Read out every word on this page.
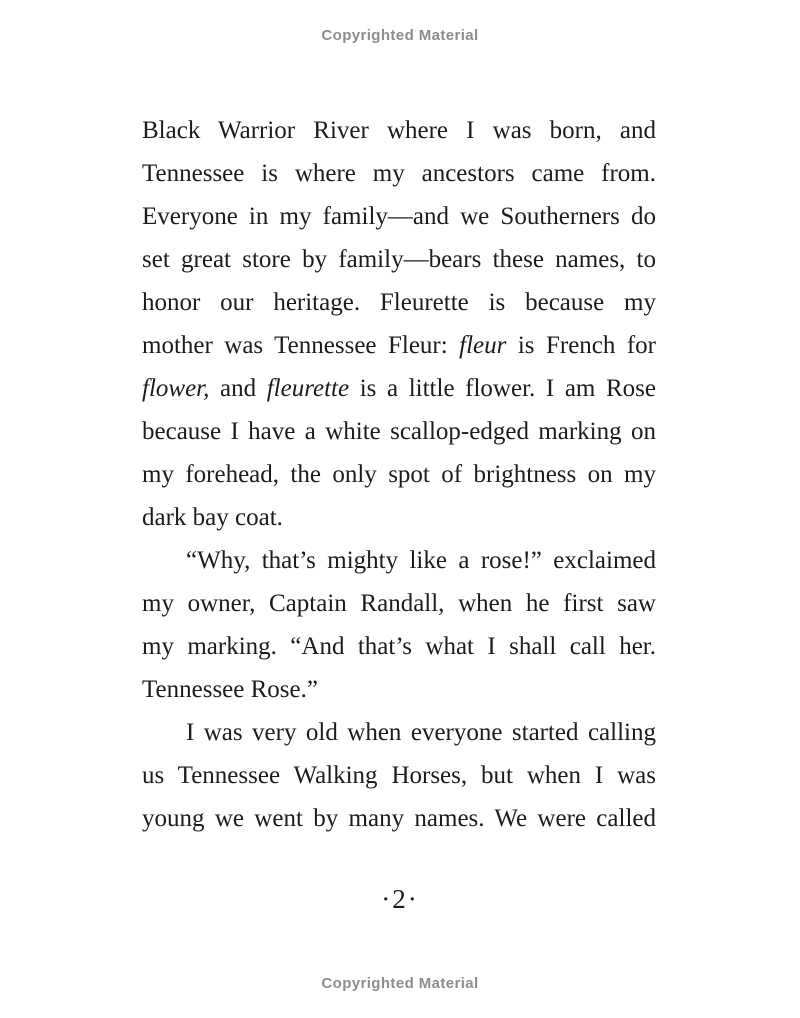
Copyrighted Material
Black Warrior River where I was born, and
Tennessee is where my ancestors came from.
Everyone in my family—and we Southerners do
set great store by family—bears these names, to
honor our heritage. Fleurette is because my
mother was Tennessee Fleur: fleur is French for
flower, and fleurette is a little flower. I am Rose
because I have a white scallop-edged marking on
my forehead, the only spot of brightness on my
dark bay coat.
“Why, that’s mighty like a rose!” exclaimed
my owner, Captain Randall, when he first saw
my marking. “And that’s what I shall call her.
Tennessee Rose.”
I was very old when everyone started calling
us Tennessee Walking Horses, but when I was
young we went by many names. We were called
·2·
Copyrighted Material
